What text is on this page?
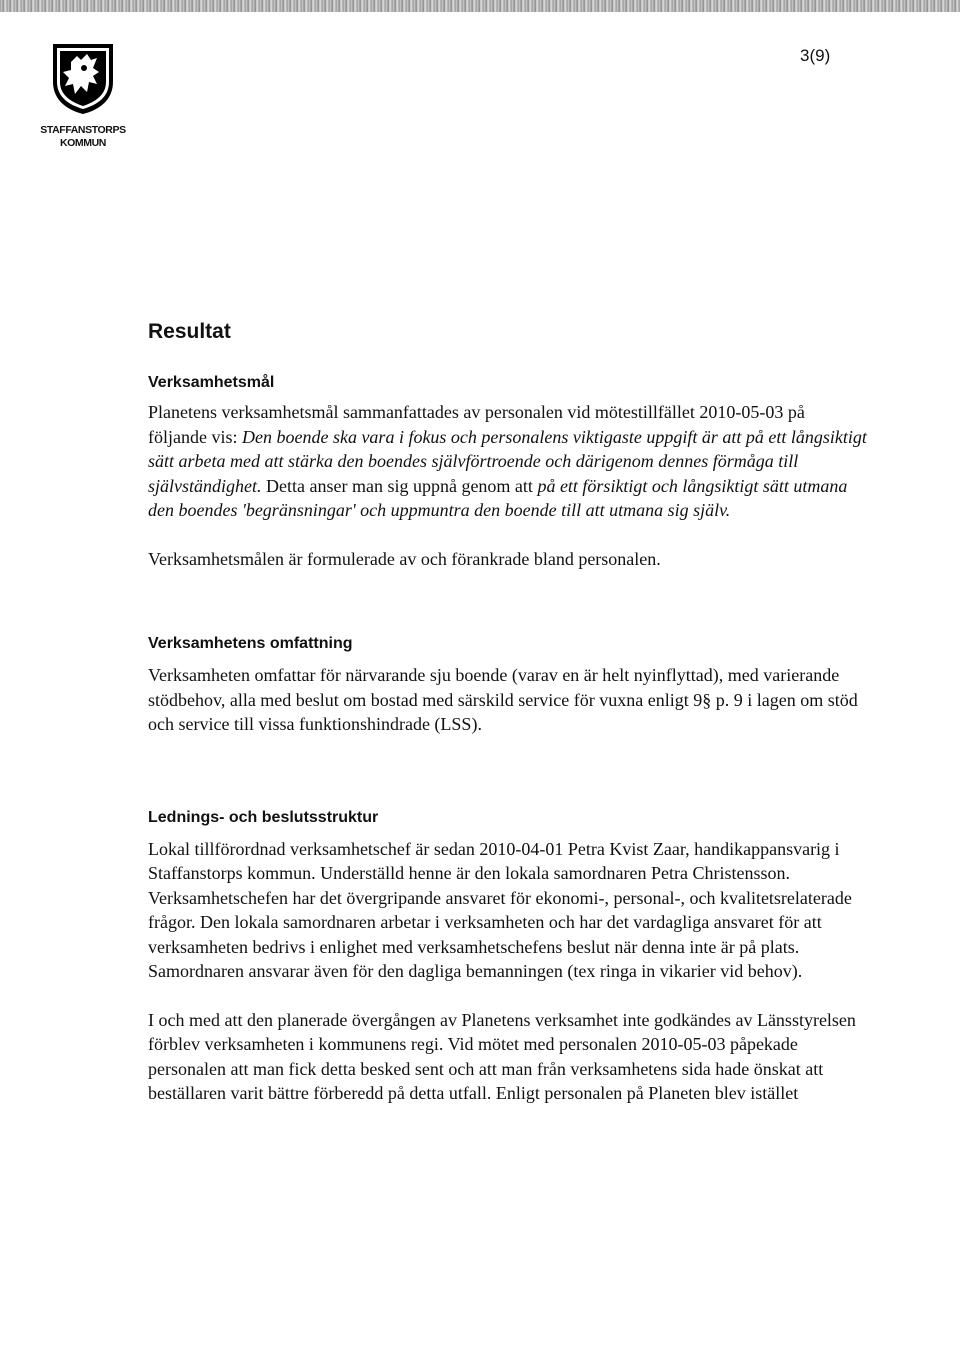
STAFFANSTORPS
KOMMUN
3(9)
Resultat
Verksamhetsmål

Planetens verksamhetsmål sammanfattades av personalen vid mötestillfället 2010-05-03 på följande vis: Den boende ska vara i fokus och personalens viktigaste uppgift är att på ett långsiktigt sätt arbeta med att stärka den boendes självförtroende och därigenom dennes förmåga till självständighet. Detta anser man sig uppnå genom att på ett försiktigt och långsiktigt sätt utmana den boendes 'begränsningar' och uppmuntra den boende till att utmana sig själv.

Verksamhetsmålen är formulerade av och förankrade bland personalen.

Verksamhetens omfattning

Verksamheten omfattar för närvarande sju boende (varav en är helt nyinflyttad), med varierande stödbehov, alla med beslut om bostad med särskild service för vuxna enligt 9§ p. 9 i lagen om stöd och service till vissa funktionshindrade (LSS).

Lednings- och beslutsstruktur

Lokal tillförordnad verksamhetschef är sedan 2010-04-01 Petra Kvist Zaar, handikappansvarig i Staffanstorps kommun. Underställd henne är den lokala samordnaren Petra Christensson. Verksamhetschefen har det övergripande ansvaret för ekonomi-, personal-, och kvalitetsrelaterade frågor. Den lokala samordnaren arbetar i verksamheten och har det vardagliga ansvaret för att verksamheten bedrivs i enlighet med verksamhetschefens beslut när denna inte är på plats. Samordnaren ansvarar även för den dagliga bemanningen (tex ringa in vikarier vid behov).

I och med att den planerade övergången av Planetens verksamhet inte godkändes av Länsstyrelsen förblev verksamheten i kommunens regi. Vid mötet med personalen 2010-05-03 påpekade personalen att man fick detta besked sent och att man från verksamhetens sida hade önskat att beställaren varit bättre förberedd på detta utfall. Enligt personalen på Planeten blev istället
